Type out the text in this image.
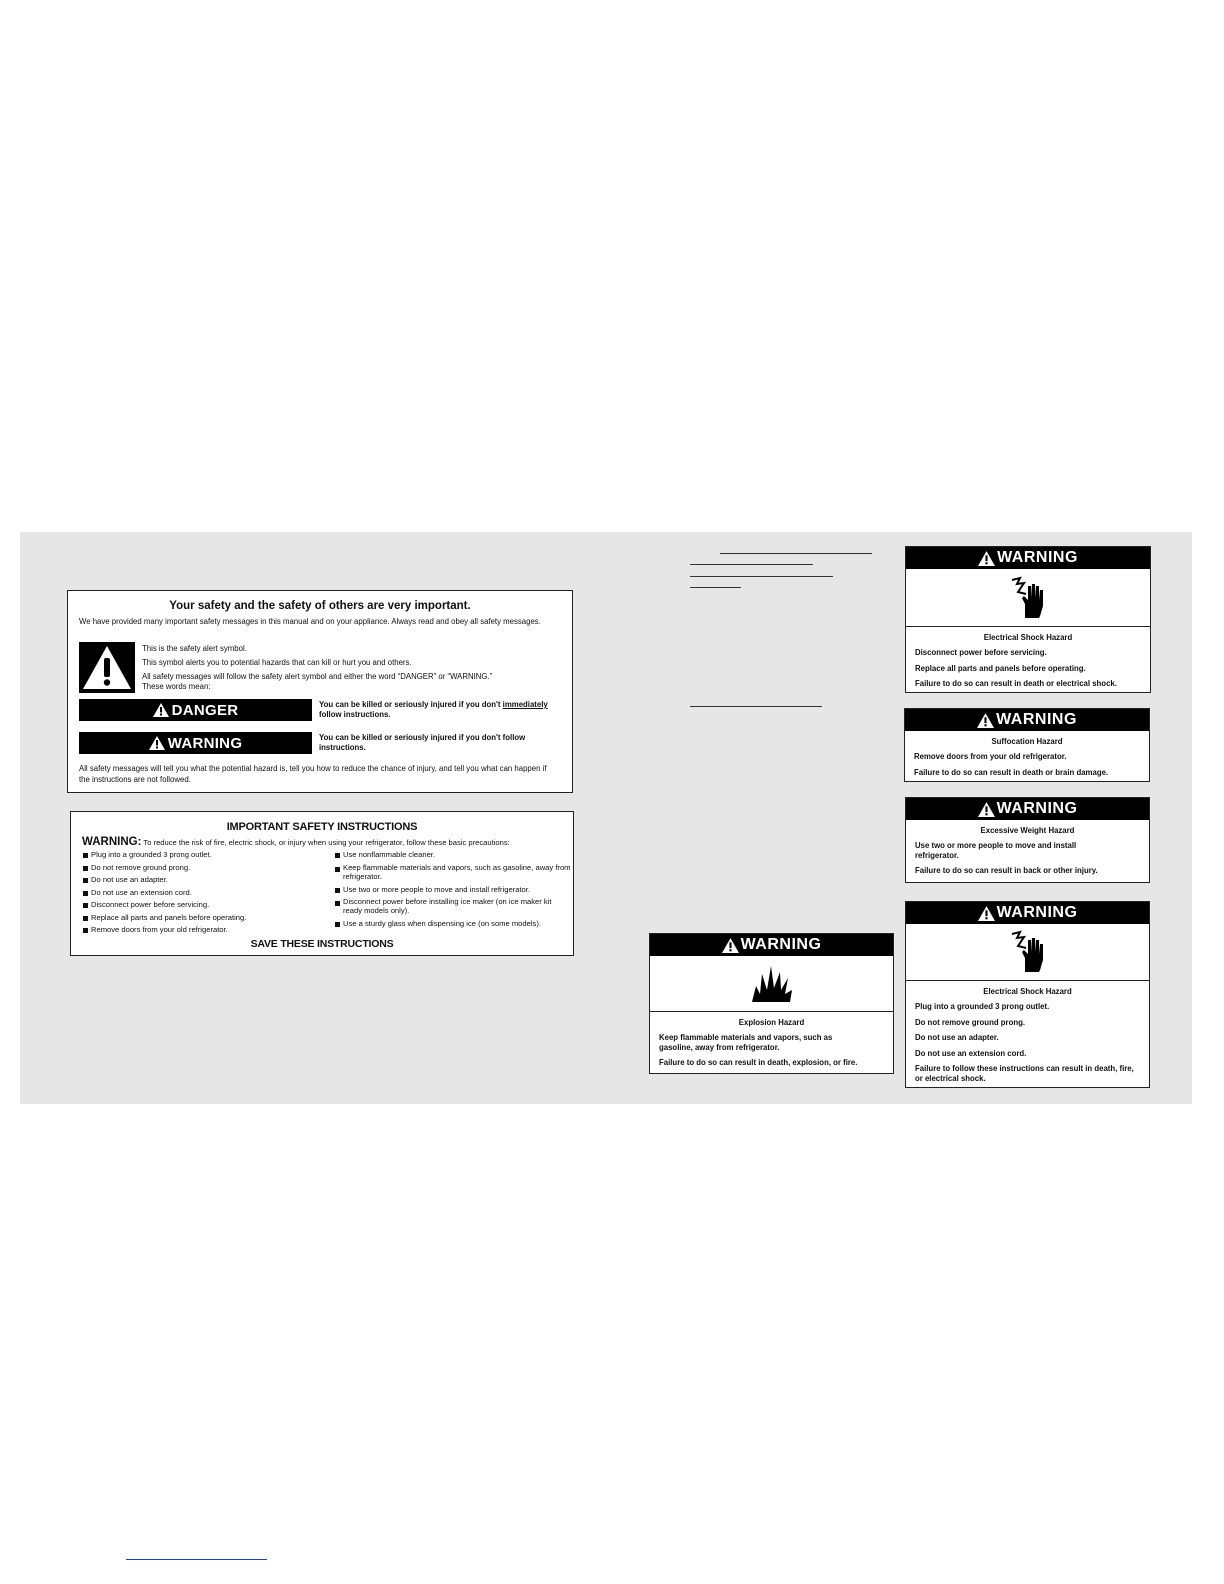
Your safety and the safety of others are very important.
We have provided many important safety messages in this manual and on your appliance. Always read and obey all safety messages.
This is the safety alert symbol.
This symbol alerts you to potential hazards that can kill or hurt you and others.
All safety messages will follow the safety alert symbol and either the word “DANGER” or “WARNING.”
These words mean:
DANGER	You can be killed or seriously injured if you don't immediately follow instructions.
WARNING	You can be killed or seriously injured if you don't follow instructions.
All safety messages will tell you what the potential hazard is, tell you how to reduce the chance of injury, and tell you what can happen if the instructions are not followed.
IMPORTANT SAFETY INSTRUCTIONS
WARNING: To reduce the risk of fire, electric shock, or injury when using your refrigerator, follow these basic precautions:
Plug into a grounded 3 prong outlet.
Do not remove ground prong.
Do not use an adapter.
Do not use an extension cord.
Disconnect power before servicing.
Replace all parts and panels before operating.
Remove doors from your old refrigerator.
Use nonflammable cleaner.
Keep flammable materials and vapors, such as gasoline, away from refrigerator.
Use two or more people to move and install refrigerator.
Disconnect power before installing ice maker (on ice maker kit ready models only).
Use a sturdy glass when dispensing ice (on some models).
SAVE THESE INSTRUCTIONS
WARNING
Electrical Shock Hazard
Disconnect power before servicing.
Replace all parts and panels before operating.
Failure to do so can result in death or electrical shock.
WARNING
Suffocation Hazard
Remove doors from your old refrigerator.
Failure to do so can result in death or brain damage.
WARNING
Excessive Weight Hazard
Use two or more people to move and install refrigerator.
Failure to do so can result in back or other injury.
WARNING
Electrical Shock Hazard
Plug into a grounded 3 prong outlet.
Do not remove ground prong.
Do not use an adapter.
Do not use an extension cord.
Failure to follow these instructions can result in death, fire, or electrical shock.
WARNING
Explosion Hazard
Keep flammable materials and vapors, such as gasoline, away from refrigerator.
Failure to do so can result in death, explosion, or fire.
